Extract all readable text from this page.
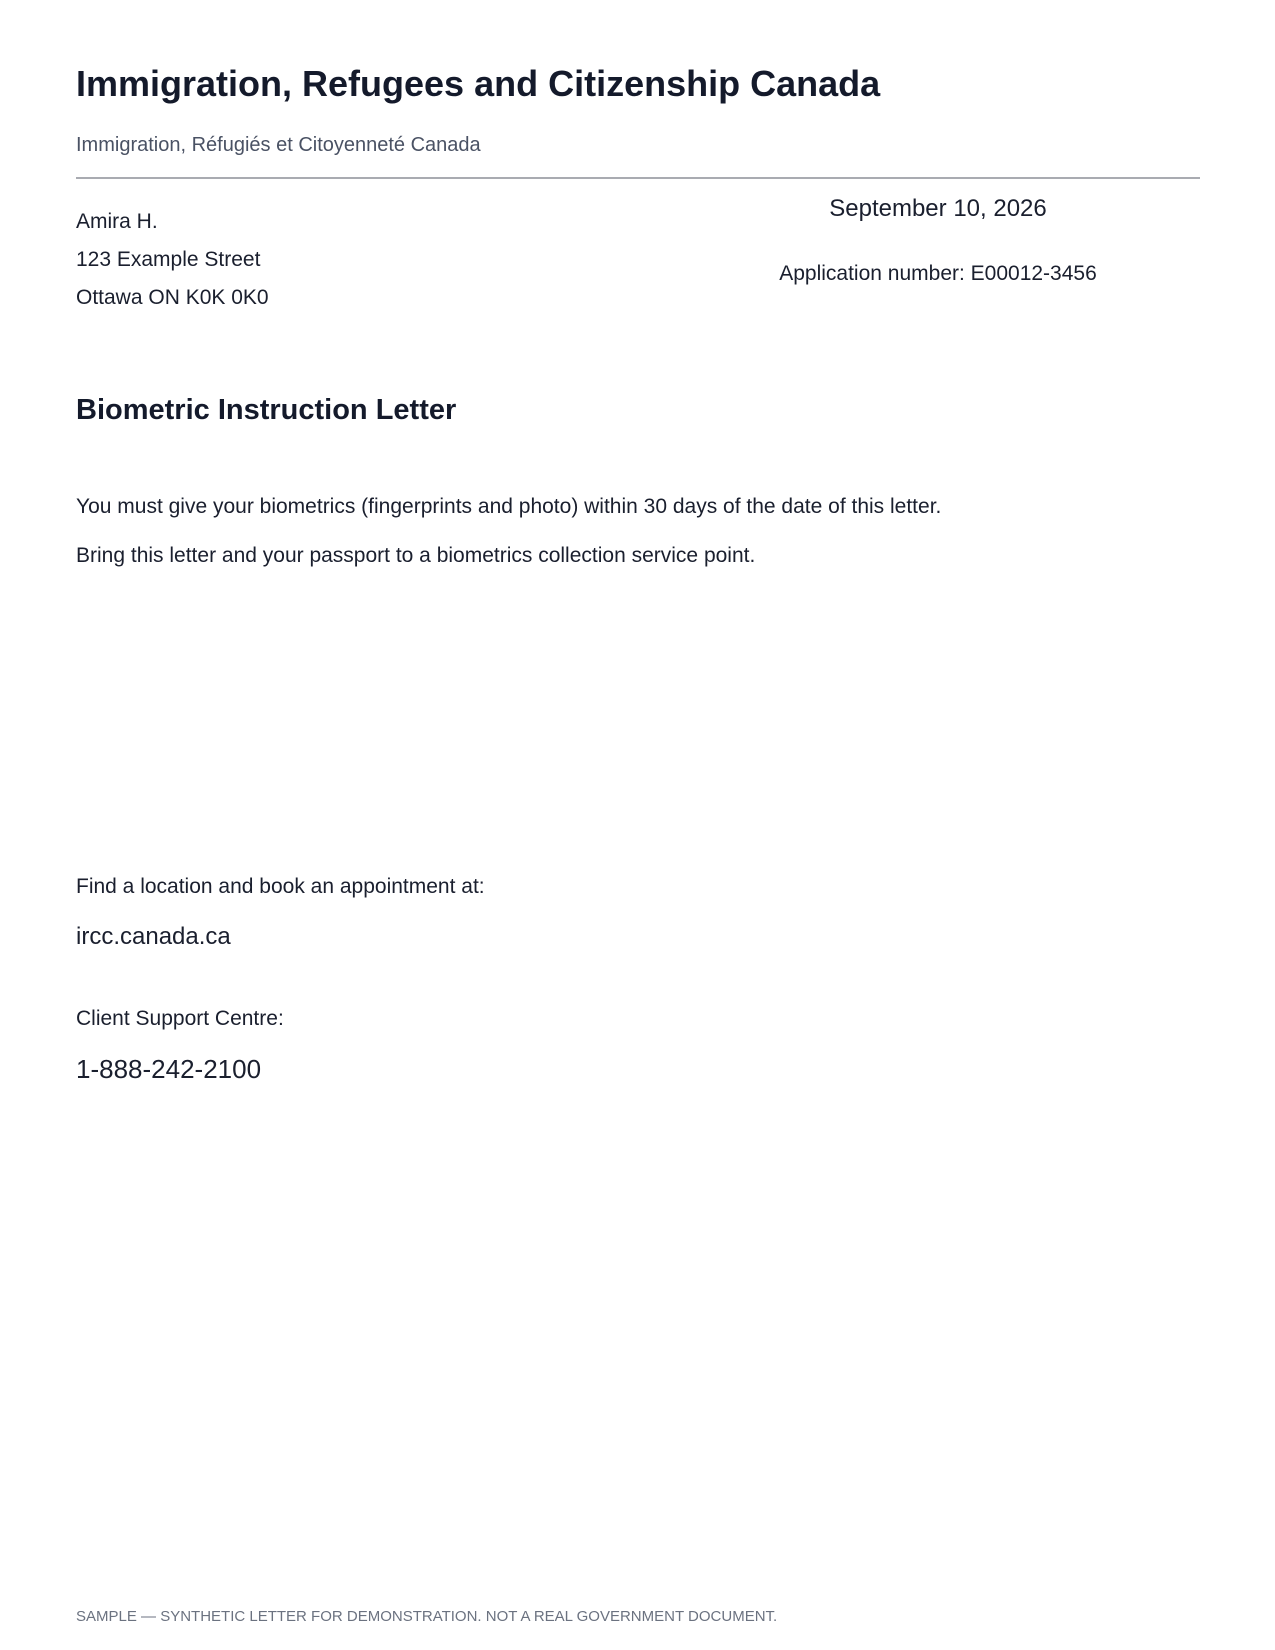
Immigration, Refugees and Citizenship Canada

Immigration, Réfugiés et Citoyenneté Canada

Amira H.
123 Example Street
Ottawa ON K0K 0K0
September 10, 2026
Application number: E00012-3456
Biometric Instruction Letter

You must give your biometrics (fingerprints and photo) within 30 days of the date of this letter.

Bring this letter and your passport to a biometrics collection service point.

Find a location and book an appointment at:

ircc.canada.ca

Client Support Centre:

1-888-242-2100

SAMPLE — SYNTHETIC LETTER FOR DEMONSTRATION. NOT A REAL GOVERNMENT DOCUMENT.
